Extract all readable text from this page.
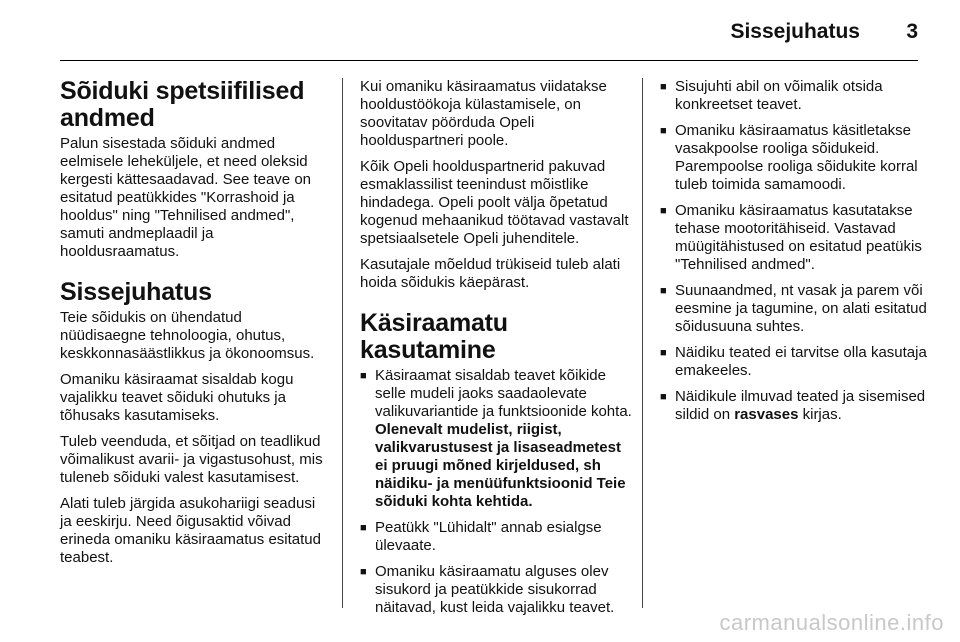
Sissejuhatus 3
Sõiduki spetsiifilised andmed

Palun sisestada sõiduki andmed eelmisele leheküljele, et need oleksid kergesti kättesaadavad. See teave on esitatud peatükkides "Korrashoid ja hooldus" ning "Tehnilised andmed", samuti andmeplaadil ja hooldusraamatus.

Sissejuhatus

Teie sõidukis on ühendatud nüüdisaegne tehnoloogia, ohutus, keskkonnasäästlikkus ja ökonoomsus.

Omaniku käsiraamat sisaldab kogu vajalikku teavet sõiduki ohutuks ja tõhusaks kasutamiseks.

Tuleb veenduda, et sõitjad on teadlikud võimalikust avarii- ja vigastusohust, mis tuleneb sõiduki valest kasutamisest.

Alati tuleb järgida asukohariigi seadusi ja eeskirju. Need õigusaktid võivad erineda omaniku käsiraamatus esitatud teabest.

Kui omaniku käsiraamatus viidatakse hooldustöökoja külastamisele, on soovitatav pöörduda Opeli hoolduspartneri poole.

Kõik Opeli hoolduspartnerid pakuvad esmaklassilist teenindust mõistlike hindadega. Opeli poolt välja õpetatud kogenud mehaanikud töötavad vastavalt spetsiaalsetele Opeli juhenditele.

Kasutajale mõeldud trükiseid tuleb alati hoida sõidukis käepärast.

Käsiraamatu kasutamine
■ Käsiraamat sisaldab teavet kõikide selle mudeli jaoks saadaolevate valikuvariantide ja funktsioonide kohta. Olenevalt mudelist, riigist, valikvarustusest ja lisaseadmetest ei pruugi mõned kirjeldused, sh näidiku- ja menüüfunktsioonid Teie sõiduki kohta kehtida.
■ Peatükk "Lühidalt" annab esialgse ülevaate.
■ Omaniku käsiraamatu alguses olev sisukord ja peatükkide sisukorrad näitavad, kust leida vajalikku teavet.
■ Sisujuhti abil on võimalik otsida konkreetset teavet.
■ Omaniku käsiraamatus käsitletakse vasakpoolse rooliga sõidukeid. Parempoolse rooliga sõidukite korral tuleb toimida samamoodi.
■ Omaniku käsiraamatus kasutatakse tehase mootoritähiseid. Vastavad müügitähistused on esitatud peatükis "Tehnilised andmed".
■ Suunaandmed, nt vasak ja parem või eesmine ja tagumine, on alati esitatud sõidusuuna suhtes.
■ Näidiku teated ei tarvitse olla kasutaja emakeeles.
■ Näidikule ilmuvad teated ja sisemised sildid on rasvases kirjas.
carmanualsonline.info
